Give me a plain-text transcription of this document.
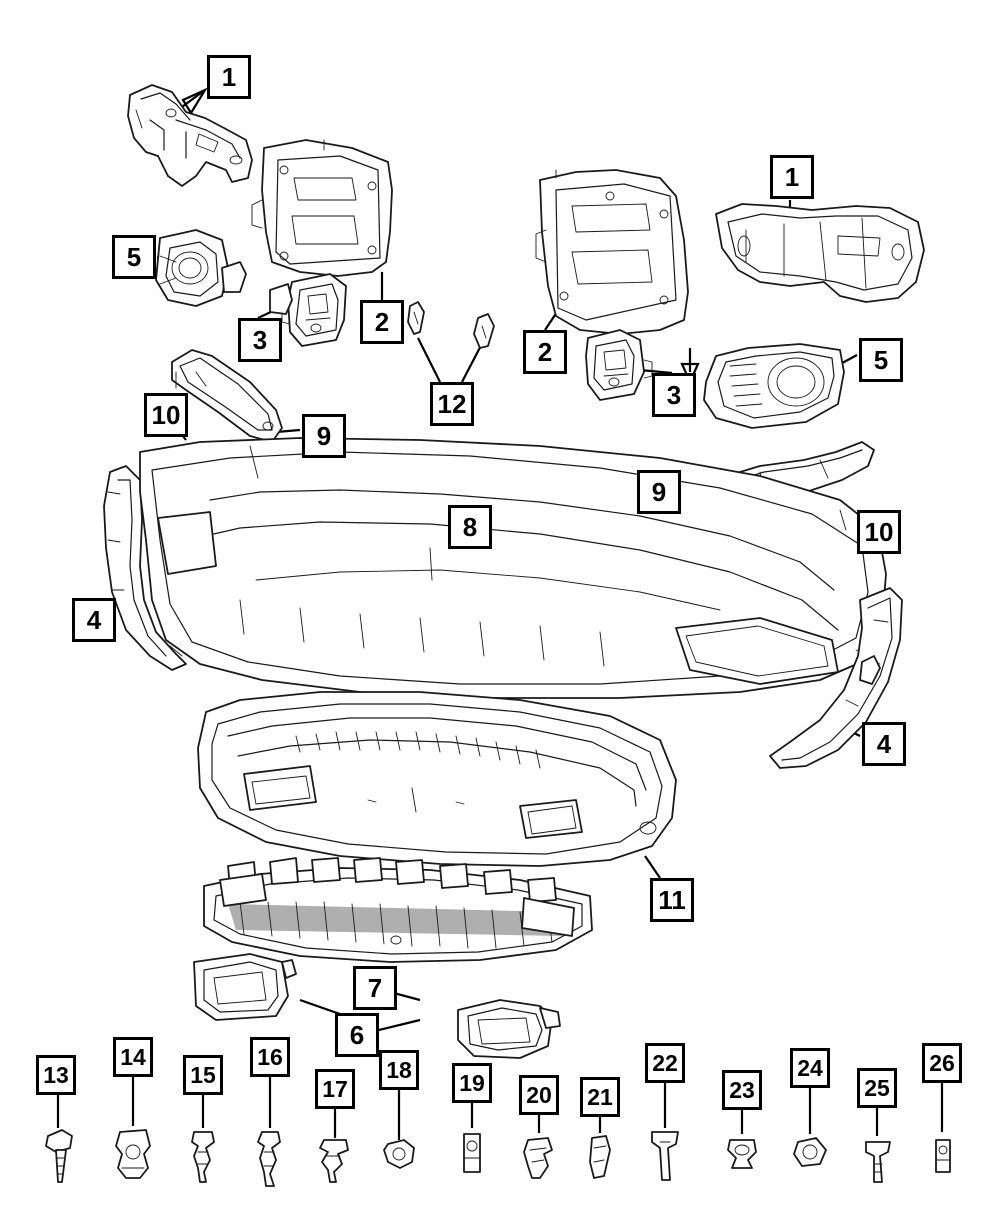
1
1
5
3
2
2
3
5
12
10
9
9
10
8
4
4
11
7
6
13
14
15
16
17
18	19	20	21
22
23
24
25
26
